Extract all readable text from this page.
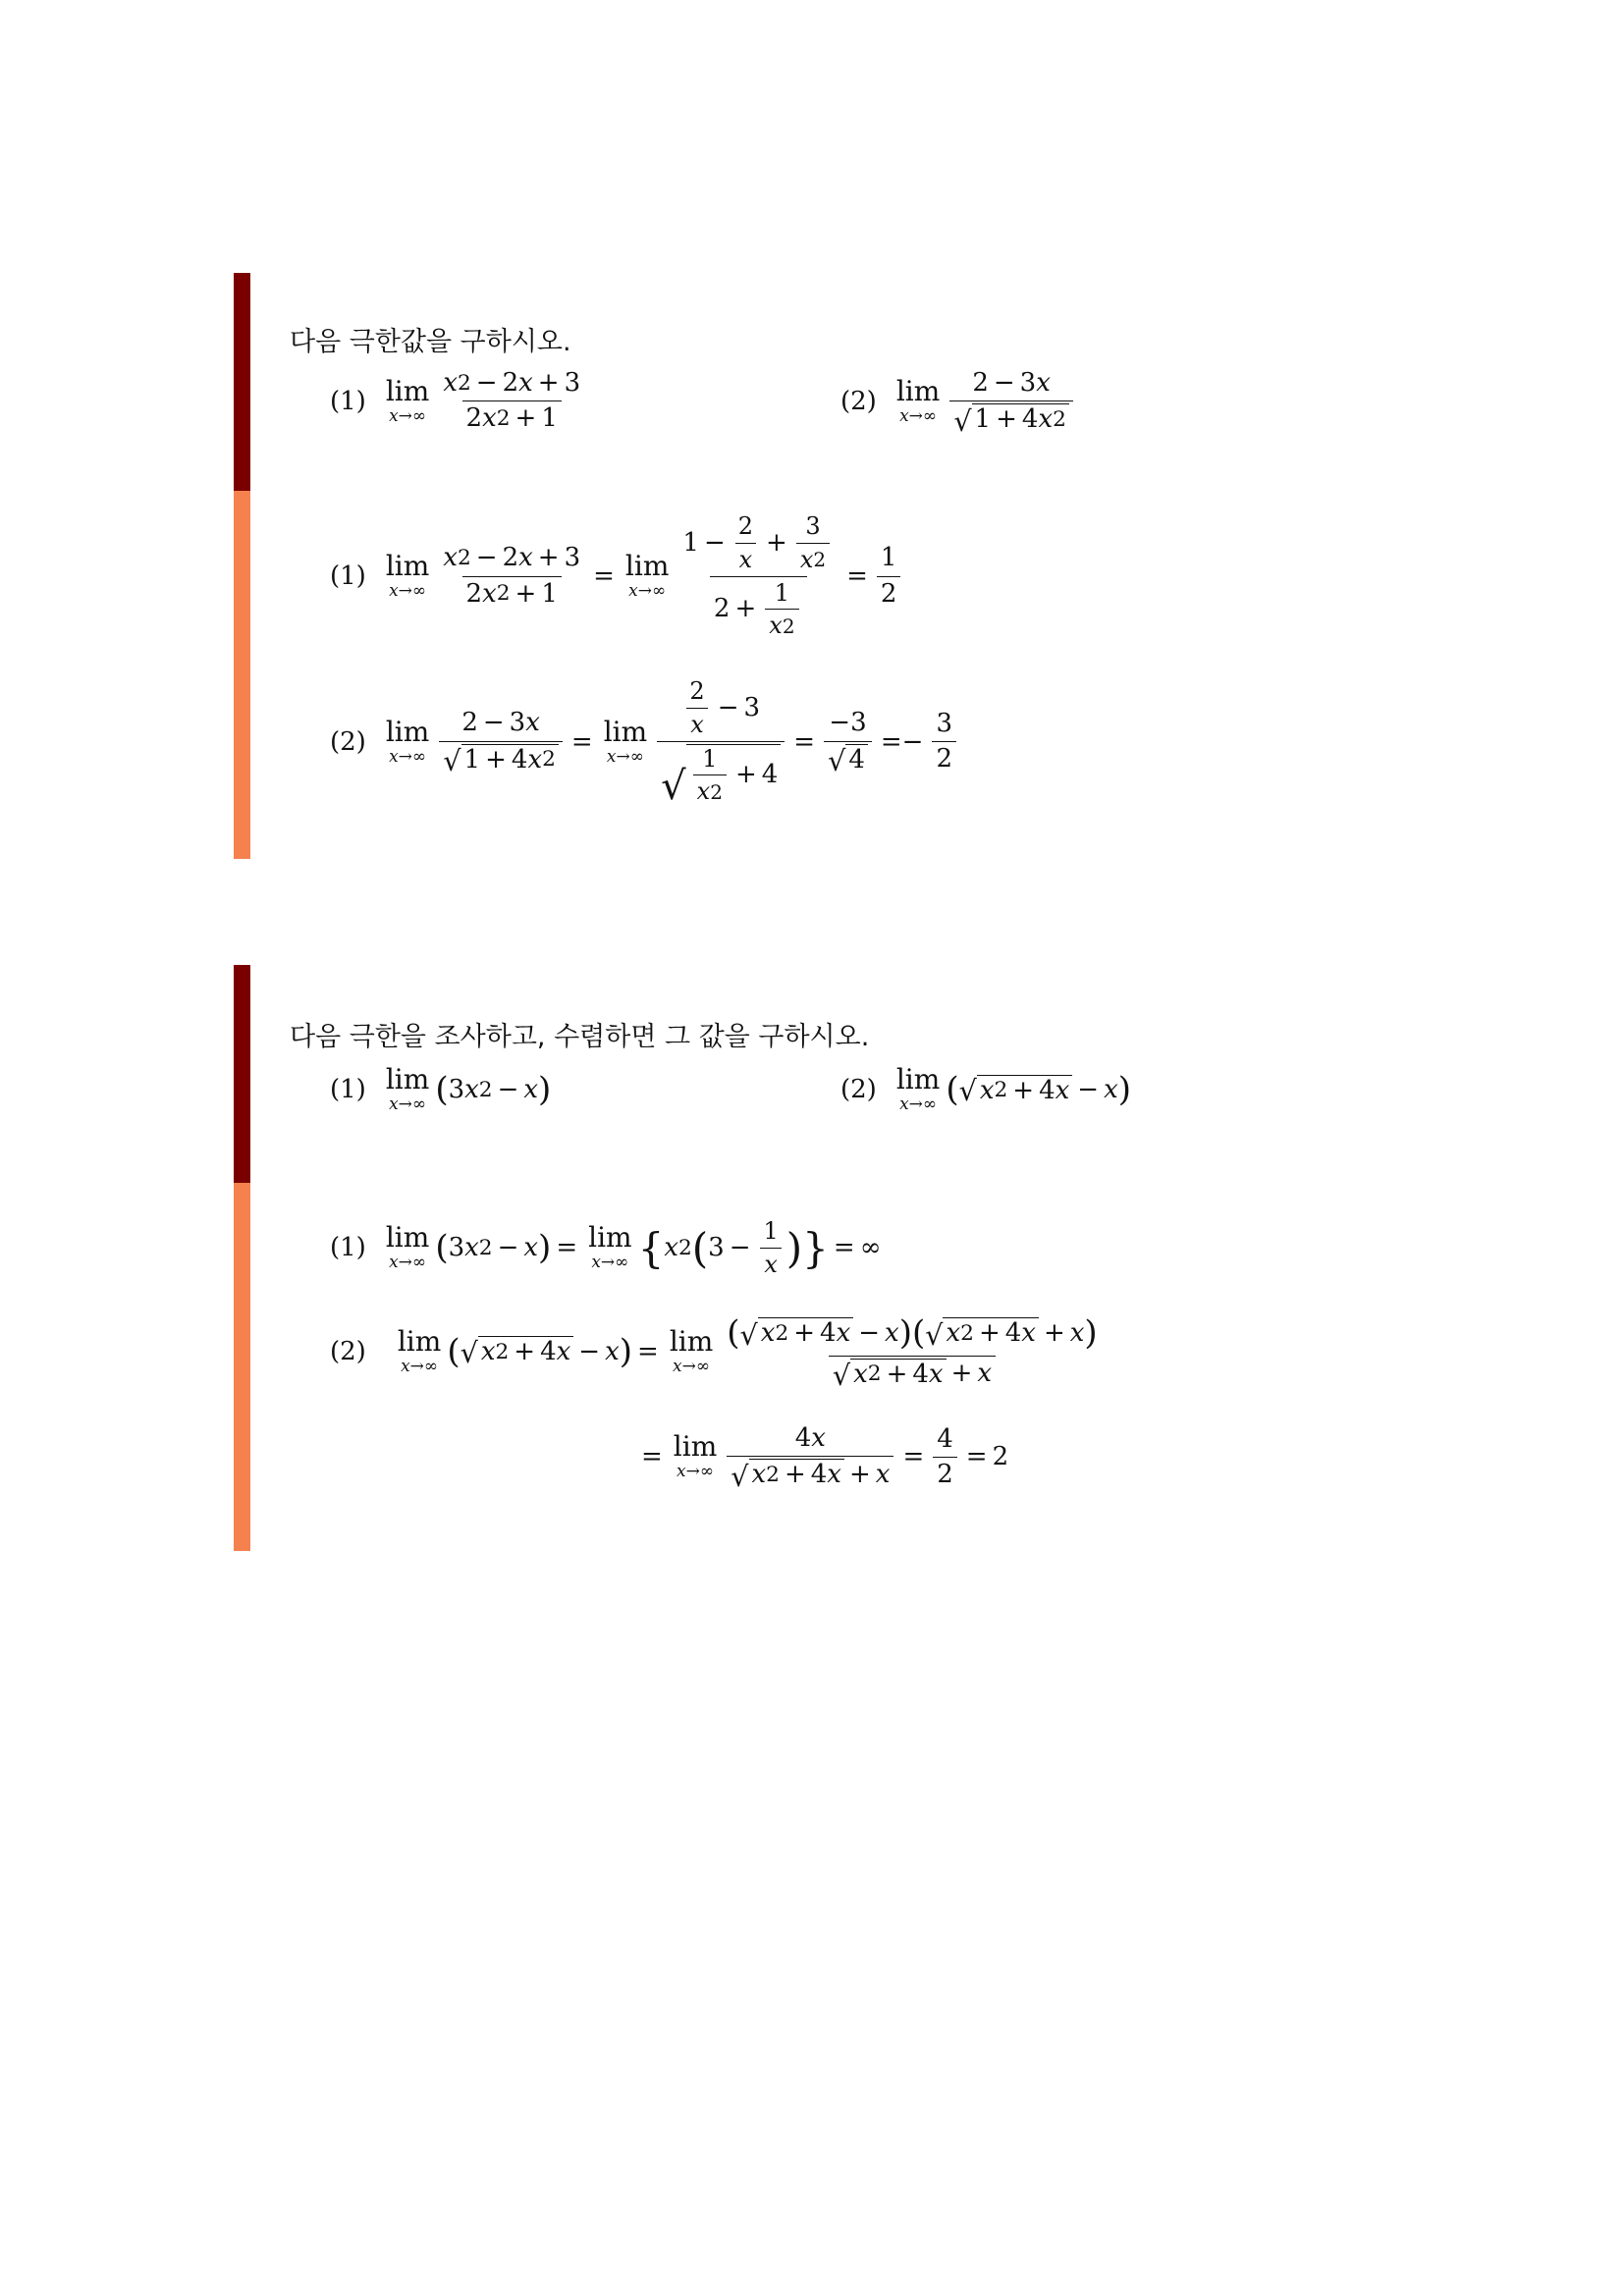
다음 극한값을 구하시오.
(1) lim
$x\to\infty \frac{x 2 - 2 x + 3}{2 x 2 + 1}$	(2) lim
$x\to\infty \frac{2 - 3 x}{√ 1 + 4 x 2}$
(1) lim
$x\to\infty \frac{x 2 - 2 x + 3}{2 x 2 + 1} = \lim$
$x\to\infty \frac{1 - \frac{2}{x} + \frac{3}{x 2}}{2 + \frac{1}{x 2}} = \frac{1}{2}$
(2) lim
$x\to\infty \frac{2 - 3 x}{√ 1 + 4 x 2} = \lim$
$x\to\infty \frac{\frac{2}{x} - 3}{√ \frac{1}{x 2} + 4} = \frac{-3}{√ 4} =- \frac{3}{2}$
다음 극한을 조사하고, 수렴하면 그 값을 구하시오.
(1) lim
x→∞ ( 3 x 2 − x )	(2) lim
x→∞ ( √ x 2 + 4 x − x )
(1) lim
x→∞ ( 3 x 2 − x ) = lim
x→∞ { x 2 ( $3 - \frac{1}{x}$ ) } = ∞
(2) lim
x→∞ ( √ x 2 + 4 x − x ) = lim
$x\to\infty \frac{( √ x 2 + 4 x - x ) ( √ x 2 + 4 x + x )}{√ x 2 + 4 x + x}$
= lim
$x\to\infty \frac{4 x}{√ x 2 + 4 x + x} = \frac{4}{2} = 2$
